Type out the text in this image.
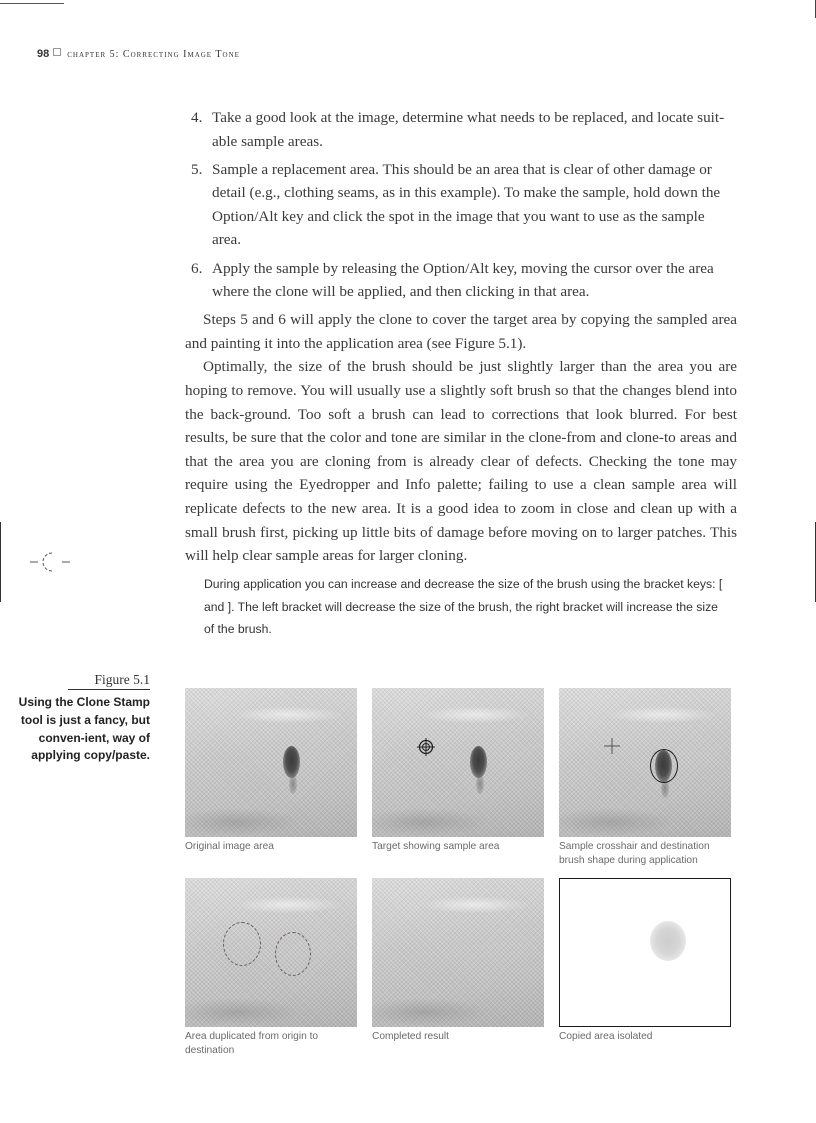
98 chapter 5: Correcting Image Tone
4. Take a good look at the image, determine what needs to be replaced, and locate suit-able sample areas.
5. Sample a replacement area. This should be an area that is clear of other damage or detail (e.g., clothing seams, as in this example). To make the sample, hold down the Option/Alt key and click the spot in the image that you want to use as the sample area.
6. Apply the sample by releasing the Option/Alt key, moving the cursor over the area where the clone will be applied, and then clicking in that area.

Steps 5 and 6 will apply the clone to cover the target area by copying the sampled area and painting it into the application area (see Figure 5.1).

Optimally, the size of the brush should be just slightly larger than the area you are hoping to remove. You will usually use a slightly soft brush so that the changes blend into the back-ground. Too soft a brush can lead to corrections that look blurred. For best results, be sure that the color and tone are similar in the clone-from and clone-to areas and that the area you are cloning from is already clear of defects. Checking the tone may require using the Eyedropper and Info palette; failing to use a clean sample area will replicate defects to the new area. It is a good idea to zoom in close and clean up with a small brush first, picking up little bits of damage before moving on to larger patches. This will help clear sample areas for larger cloning.

During application you can increase and decrease the size of the brush using the bracket keys: [ and ]. The left bracket will decrease the size of the brush, the right bracket will increase the size of the brush.
Figure 5.1
Using the Clone Stamp tool is just a fancy, but conven-ient, way of applying copy/paste.
Original image area	Target showing sample area	Sample crosshair and destination brush shape during application
Area duplicated from origin to destination
Completed result	Copied area isolated
